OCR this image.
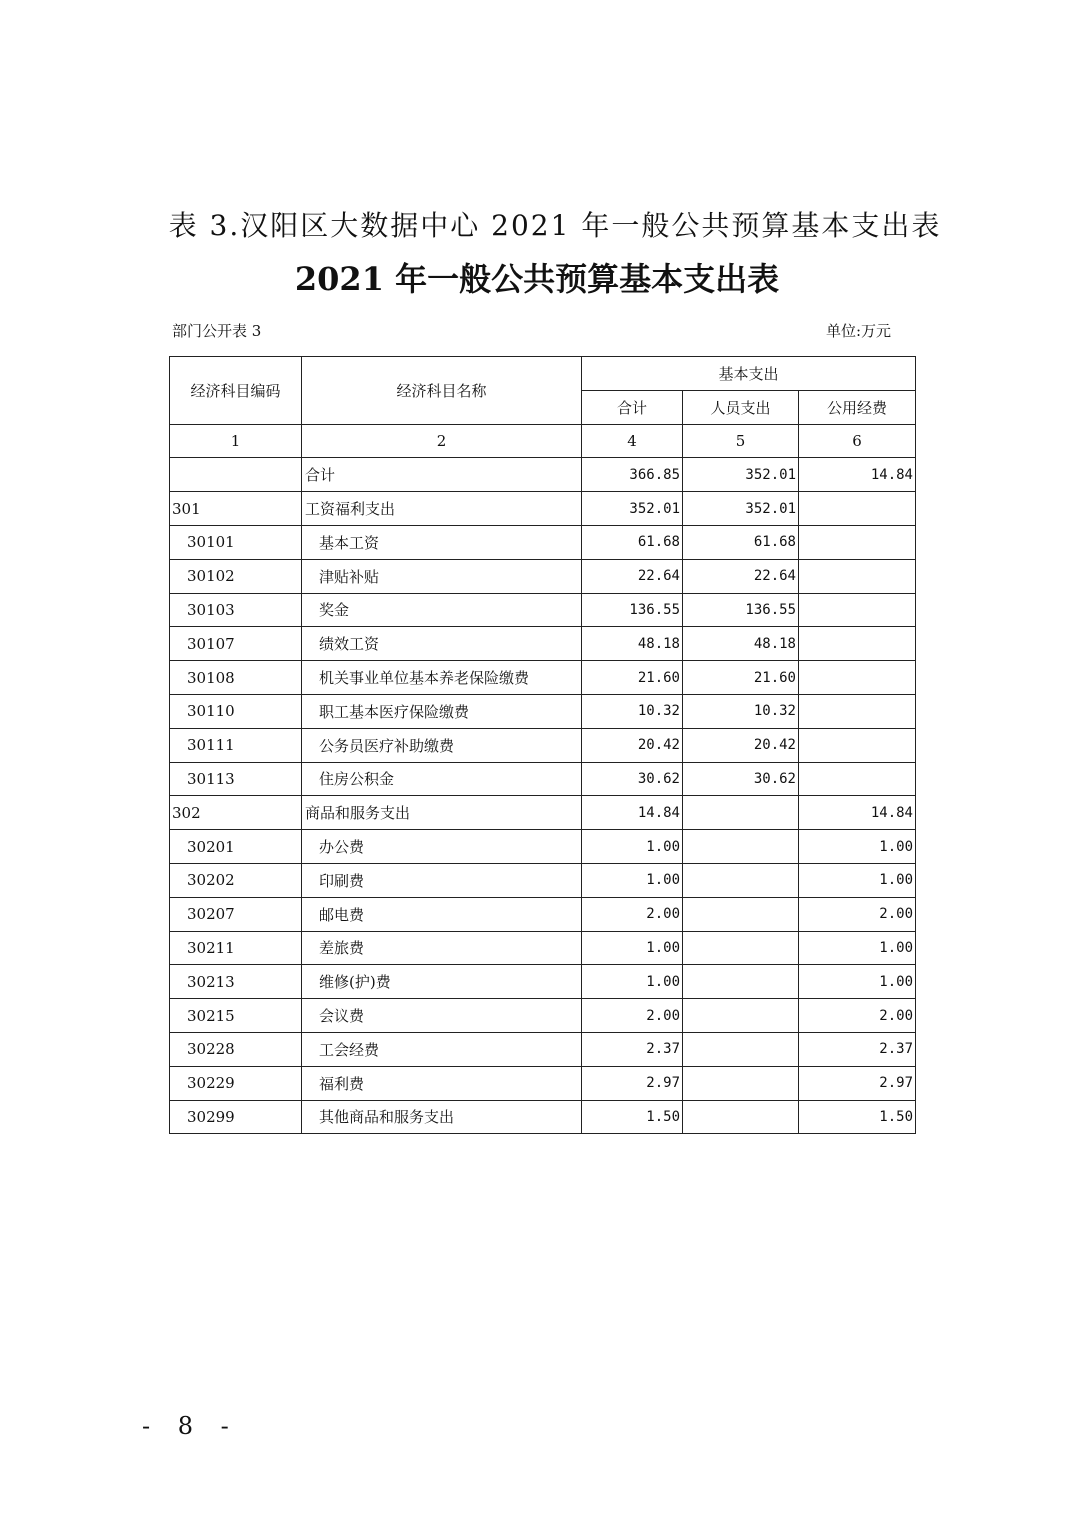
表 3.汉阳区大数据中心 2021 年一般公共预算基本支出表
2021 年一般公共预算基本支出表
部门公开表 3	单位:万元
经济科目编码	经济科目名称	基本支出		
		合计	人员支出	公用经费
1	2	4	5	6
	合计	366.85	352.01	14.84
301	工资福利支出	352.01	352.01	
30101	基本工资	61.68	61.68	
30102	津贴补贴	22.64	22.64	
30103	奖金	136.55	136.55	
30107	绩效工资	48.18	48.18	
30108	机关事业单位基本养老保险缴费	21.60	21.60	
30110	职工基本医疗保险缴费	10.32	10.32	
30111	公务员医疗补助缴费	20.42	20.42	
30113	住房公积金	30.62	30.62	
302	商品和服务支出	14.84		14.84
30201	办公费	1.00		1.00
30202	印刷费	1.00		1.00
30207	邮电费	2.00		2.00
30211	差旅费	1.00		1.00
30213	维修(护)费	1.00		1.00
30215	会议费	2.00		2.00
30228	工会经费	2.37		2.37
30229	福利费	2.97		2.97
30299	其他商品和服务支出	1.50		1.50
- 8 -
